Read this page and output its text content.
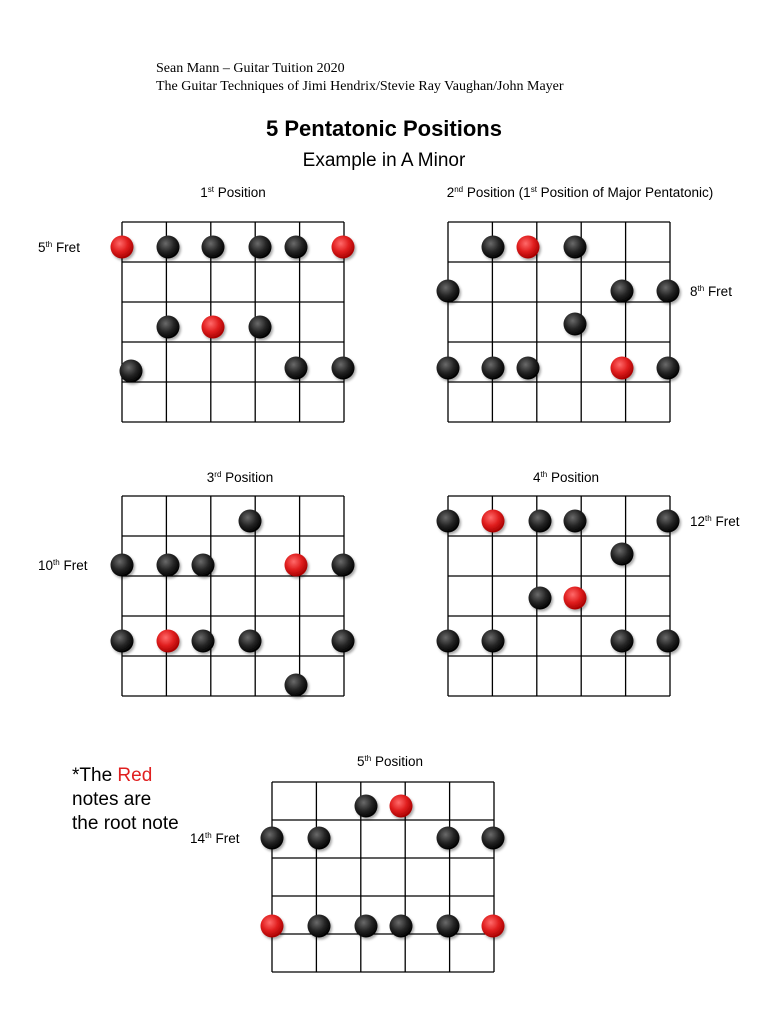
Sean Mann – Guitar Tuition 2020
The Guitar Techniques of Jimi Hendrix/Stevie Ray Vaughan/John Mayer
5 Pentatonic Positions
Example in A Minor
1st Position	2nd Position (1st Position of Major Pentatonic)
3rd Position	4th Position
5th Position
5th Fret
8th Fret
10th Fret
12th Fret
14th Fret
*The Red notes are the root note
